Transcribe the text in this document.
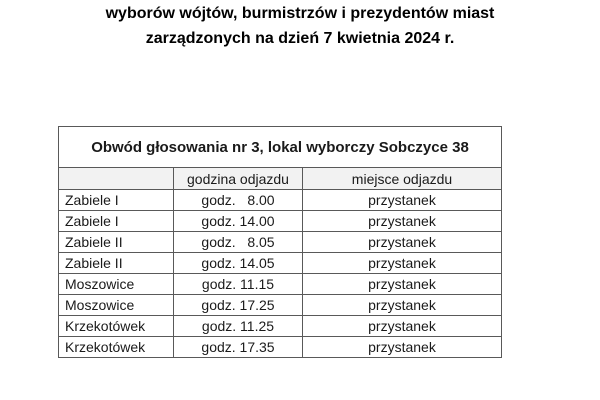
wyborów wójtów, burmistrzów i prezydentów miast
zarządzonych na dzień 7 kwietnia 2024 r.
Obwód głosowania nr 3, lokal wyborczy Sobczyce 38		
	godzina odjazdu	miejsce odjazdu
Zabiele I	godz.   8.00	przystanek
Zabiele I	godz. 14.00	przystanek
Zabiele II	godz.   8.05	przystanek
Zabiele II	godz. 14.05	przystanek
Moszowice	godz. 11.15	przystanek
Moszowice	godz. 17.25	przystanek
Krzekotówek	godz. 11.25	przystanek
Krzekotówek	godz. 17.35	przystanek
